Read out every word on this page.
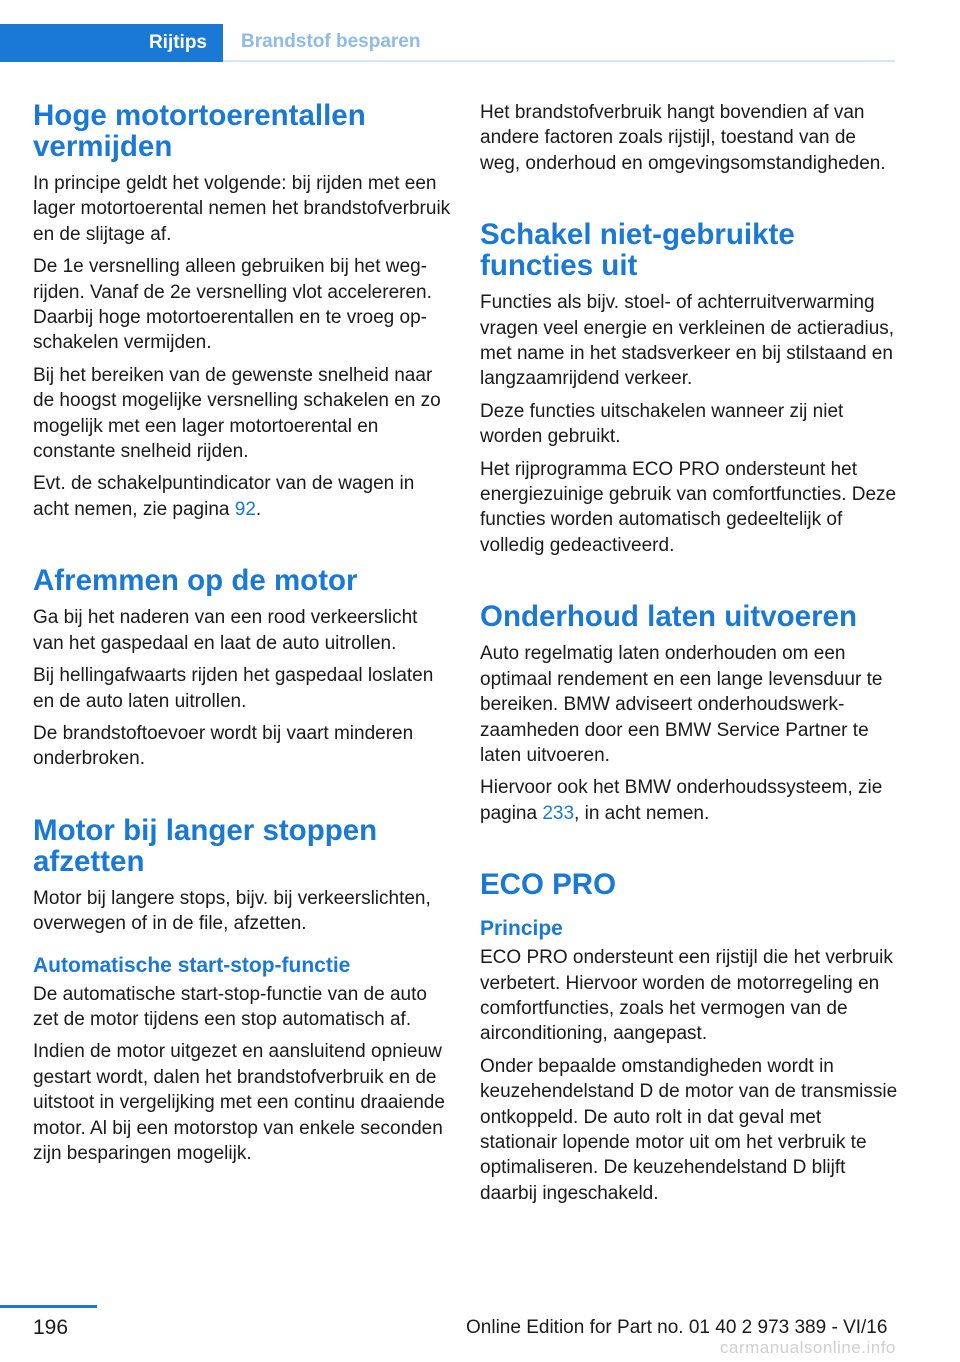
Rijtips	Brandstof besparen
Hoge motortoerentallen vermijden

In principe geldt het volgende: bij rijden met een lager motortoerental nemen het brandstofverbruik en de slijtage af.

De 1e versnelling alleen gebruiken bij het wegrijden. Vanaf de 2e versnelling vlot accelereren. Daarbij hoge motortoerentallen en te vroeg opschakelen vermijden.

Bij het bereiken van de gewenste snelheid naar de hoogst mogelijke versnelling schakelen en zo mogelijk met een lager motortoerental en constante snelheid rijden.

Evt. de schakelpuntindicator van de wagen in acht nemen, zie pagina 92.

Afremmen op de motor

Ga bij het naderen van een rood verkeerslicht van het gaspedaal en laat de auto uitrollen.

Bij hellingafwaarts rijden het gaspedaal loslaten en de auto laten uitrollen.

De brandstoftoevoer wordt bij vaart minderen onderbroken.

Motor bij langer stoppen afzetten

Motor bij langere stops, bijv. bij verkeerslichten, overwegen of in de file, afzetten.

Automatische start-stop-functie

De automatische start-stop-functie van de auto zet de motor tijdens een stop automatisch af.

Indien de motor uitgezet en aansluitend opnieuw gestart wordt, dalen het brandstofverbruik en de uitstoot in vergelijking met een continu draaiende motor. Al bij een motorstop van enkele seconden zijn besparingen mogelijk.

Het brandstofverbruik hangt bovendien af van andere factoren zoals rijstijl, toestand van de weg, onderhoud en omgevingsomstandigheden.

Schakel niet-gebruikte functies uit

Functies als bijv. stoel- of achterruitverwarming vragen veel energie en verkleinen de actieradius, met name in het stadsverkeer en bij stilstaand en langzaamrijdend verkeer.

Deze functies uitschakelen wanneer zij niet worden gebruikt.

Het rijprogramma ECO PRO ondersteunt het energiezuinige gebruik van comfortfuncties. Deze functies worden automatisch gedeeltelijk of volledig gedeactiveerd.

Onderhoud laten uitvoeren

Auto regelmatig laten onderhouden om een optimaal rendement en een lange levensduur te bereiken. BMW adviseert onderhoudswerkzaamheden door een BMW Service Partner te laten uitvoeren.

Hiervoor ook het BMW onderhoudssysteem, zie pagina 233, in acht nemen.

ECO PRO
Principe

ECO PRO ondersteunt een rijstijl die het verbruik verbetert. Hiervoor worden de motorregeling en comfortfuncties, zoals het vermogen van de airconditioning, aangepast.

Onder bepaalde omstandigheden wordt in keuzehendelstand D de motor van de transmissie ontkoppeld. De auto rolt in dat geval met stationair lopende motor uit om het verbruik te optimaliseren. De keuzehendelstand D blijft daarbij ingeschakeld.

196	Online Edition for Part no. 01 40 2 973 389 - VI/16
carmanualsonline.info
